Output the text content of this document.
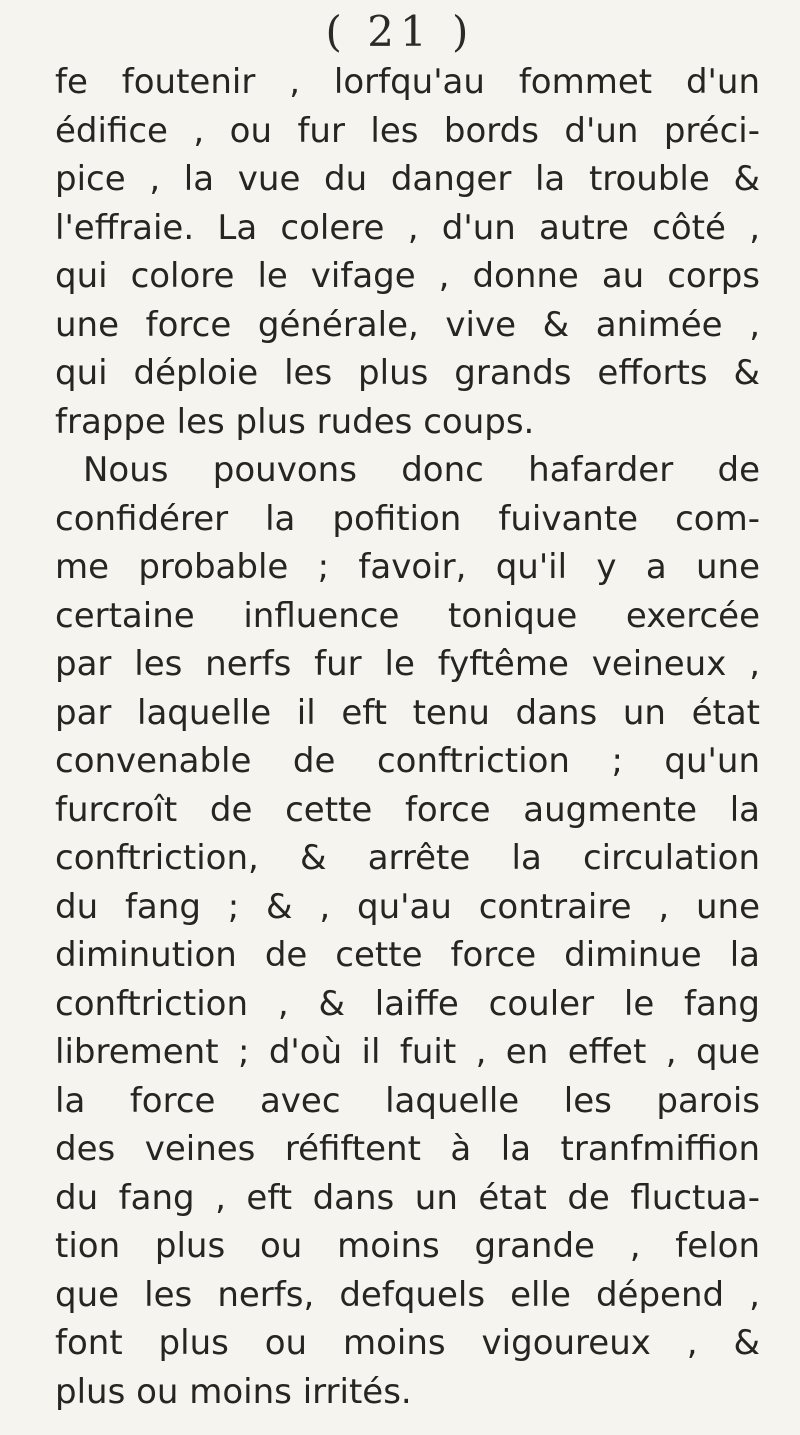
( 21 )
fe foutenir , lorfqu'au fommet d'un
édifice , ou fur les bords d'un préci-
pice , la vue du danger la trouble &
l'effraie. La colere , d'un autre côté ,
qui colore le vifage , donne au corps
une force générale, vive & animée ,
qui déploie les plus grands efforts &
frappe les plus rudes coups.
Nous pouvons donc hafarder de
confidérer la pofition fuivante com-
me probable ; favoir, qu'il y a une
certaine influence tonique exercée
par les nerfs fur le fyftême veineux ,
par laquelle il eft tenu dans un état
convenable de conftriction ; qu'un
furcroît de cette force augmente la
conftriction, & arrête la circulation
du fang ; & , qu'au contraire , une
diminution de cette force diminue la
conftriction , & laiffe couler le fang
librement ; d'où il fuit , en effet , que
la force avec laquelle les parois
des veines réfiftent à la tranfmiffion
du fang , eft dans un état de fluctua-
tion plus ou moins grande , felon
que les nerfs, defquels elle dépend ,
font plus ou moins vigoureux , &
plus ou moins irrités.
